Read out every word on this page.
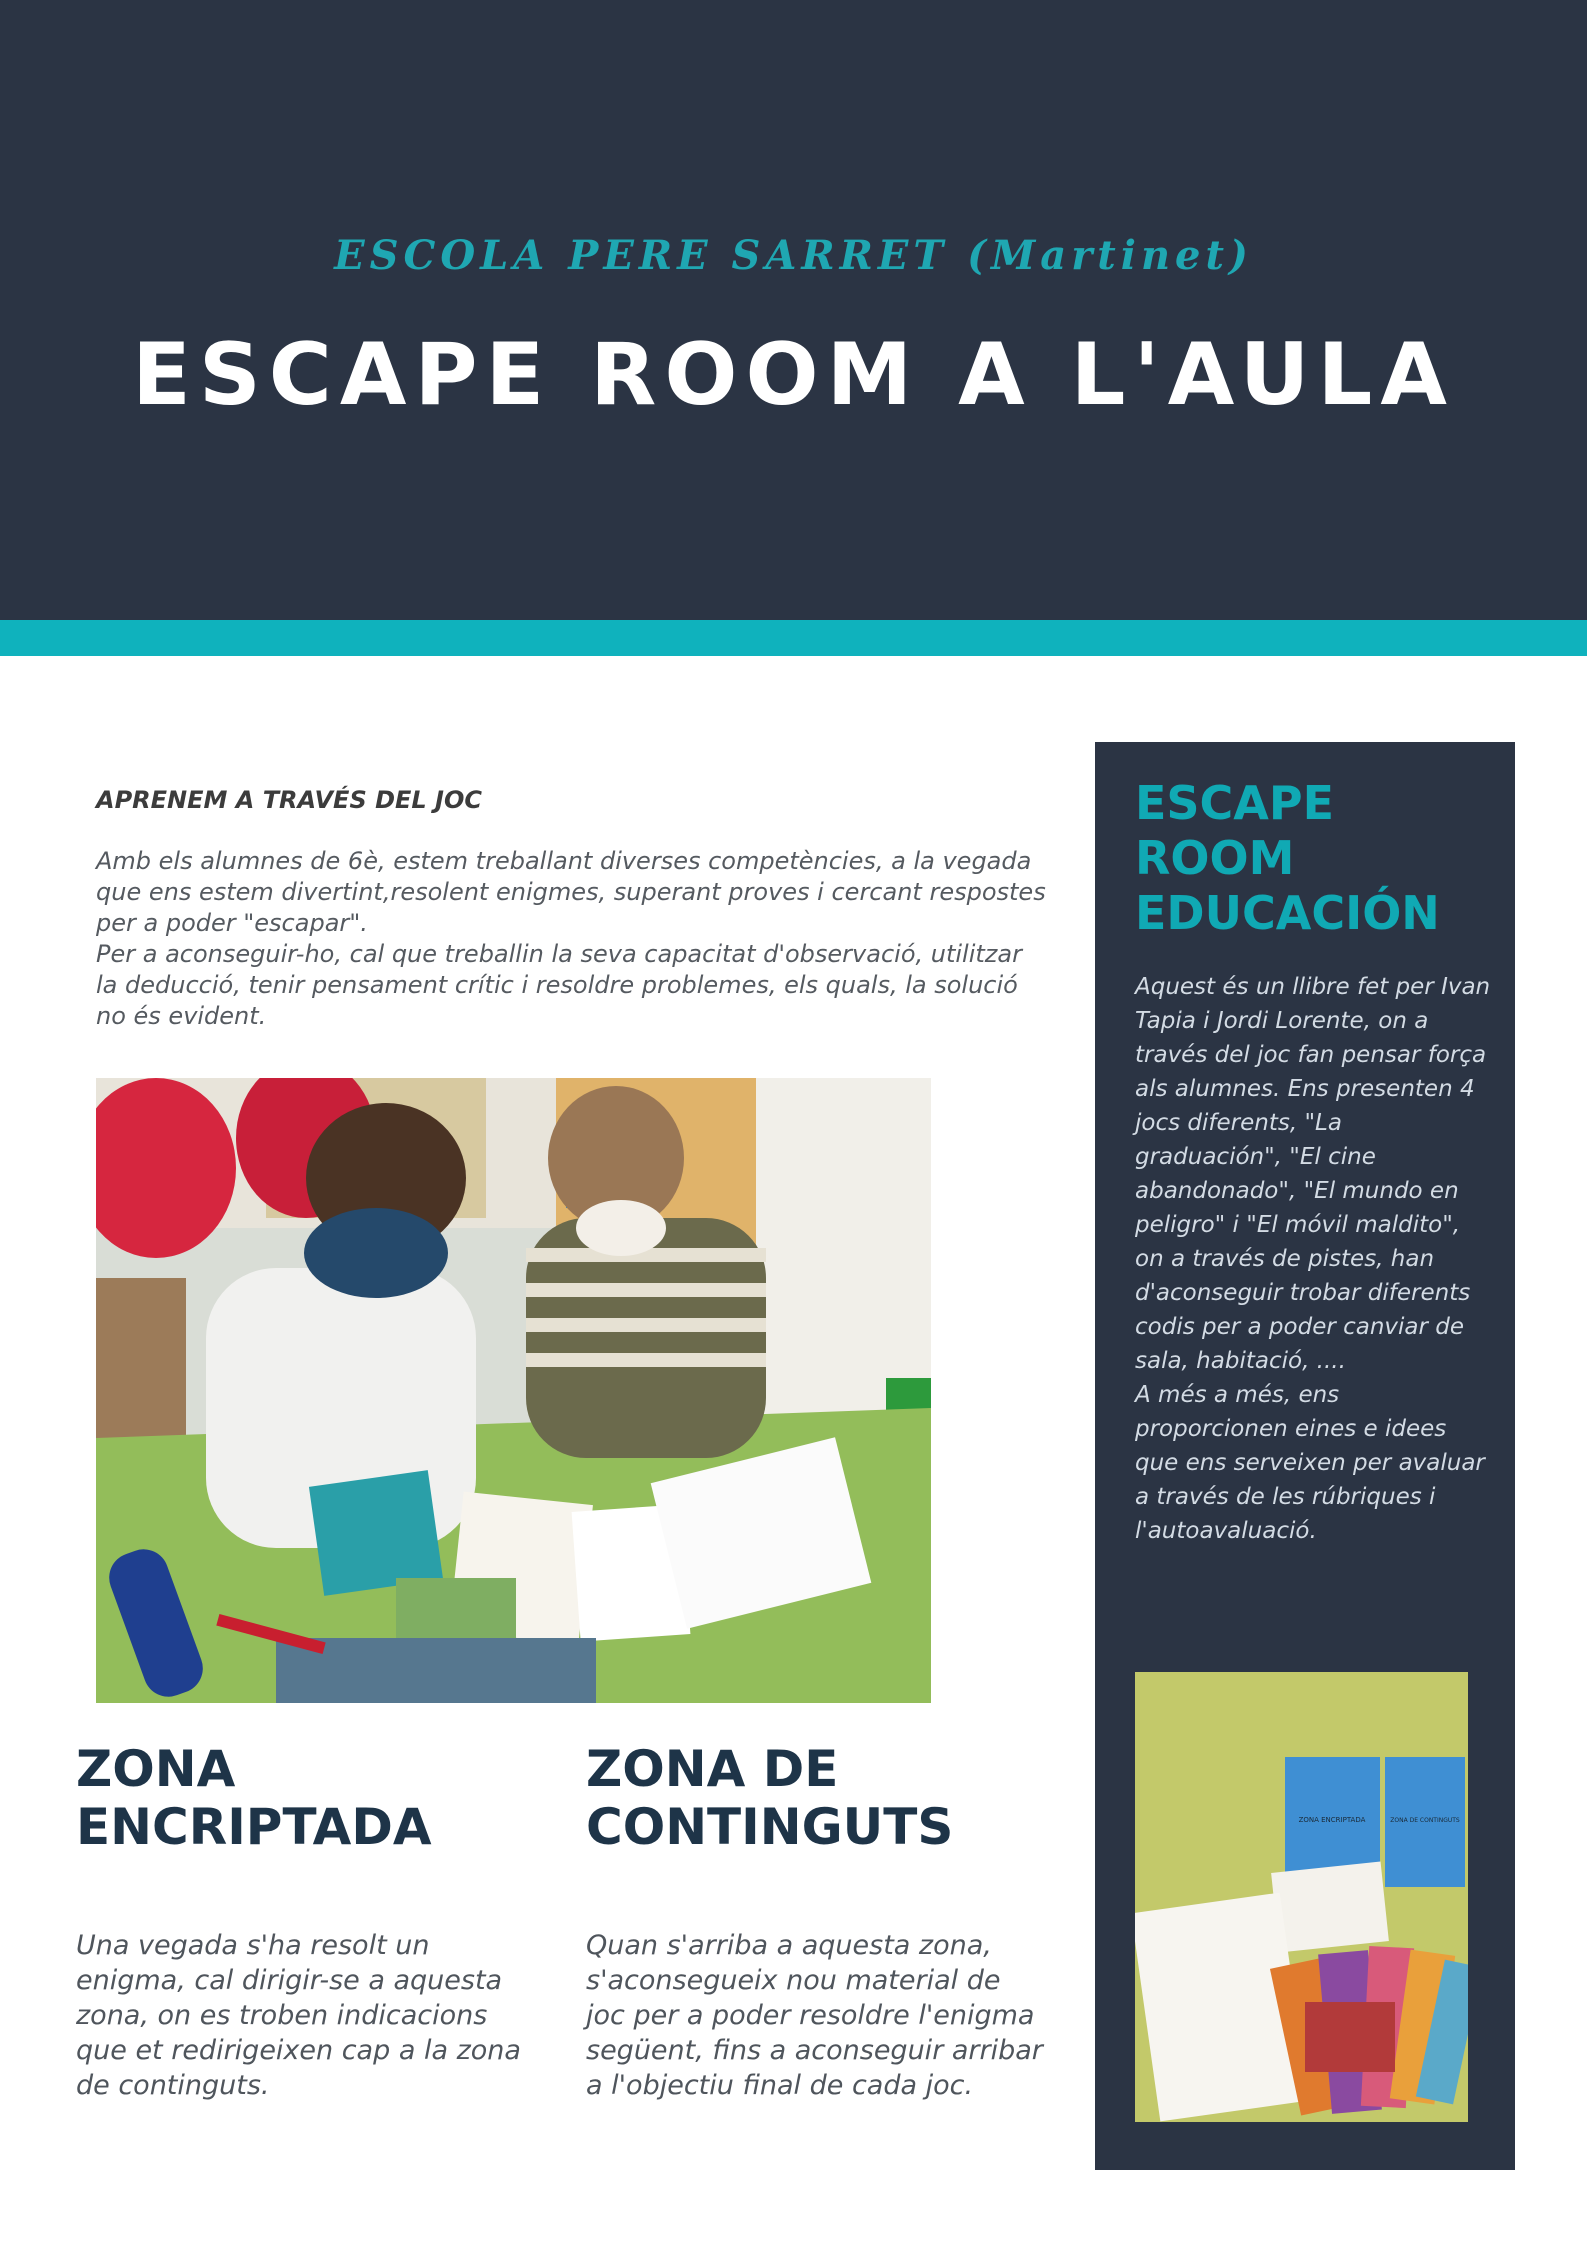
ESCOLA PERE SARRET (Martinet)
ESCAPE ROOM A L'AULA
APRENEM A TRAVÉS DEL JOC

Amb els alumnes de 6è, estem treballant diverses competències, a la vegada que ens estem divertint,resolent enigmes, superant proves i cercant respostes per a poder "escapar".

Per a aconseguir-ho, cal que treballin la seva capacitat d'observació, utilitzar la deducció, tenir pensament crític i resoldre problemes, els quals, la solució no és evident.

ZONA
ENCRIPTADA
Una vegada s'ha resolt un enigma, cal dirigir-se a aquesta zona, on es troben indicacions que et redirigeixen cap a la zona de continguts.
ZONA DE
CONTINGUTS
Quan s'arriba a aquesta zona, s'aconsegueix nou material de joc per a poder resoldre l'enigma següent, fins a aconseguir arribar a l'objectiu final de cada joc.
ESCAPE
ROOM
EDUCACIÓN

Aquest és un llibre fet per Ivan Tapia i Jordi Lorente, on a través del joc fan pensar força als alumnes. Ens presenten 4 jocs diferents, "La graduación", "El cine abandonado", "El mundo en peligro" i "El móvil maldito", on a través de pistes, han d'aconseguir trobar diferents codis per a poder canviar de sala, habitació, ....

A més a més, ens proporcionen eines e idees que ens serveixen per avaluar a través de les rúbriques i l'autoavaluació.

ZONA ENCRIPTADA	ZONA DE CONTINGUTS
